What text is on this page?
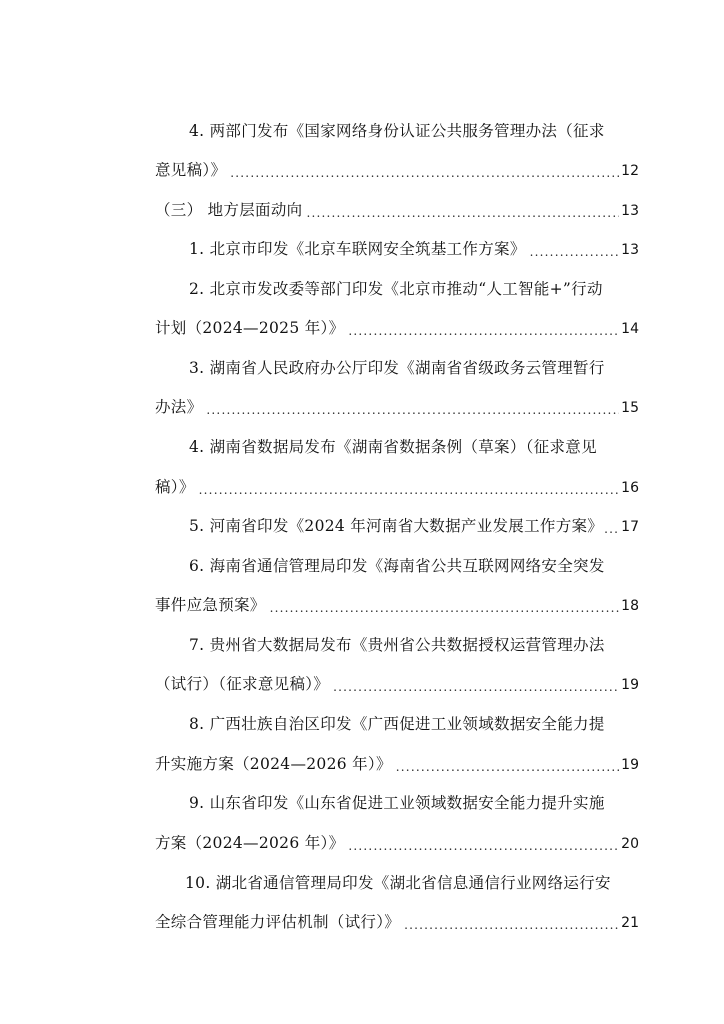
4. 两部门发布《国家网络身份认证公共服务管理办法（征求
意见稿）》 .....	12
（三） 地方层面动向 .....	13
1. 北京市印发《北京车联网安全筑基工作方案》 .....	13
2. 北京市发改委等部门印发《北京市推动“人工智能+”行动
计划（2024—2025 年）》 .....	14
3. 湖南省人民政府办公厅印发《湖南省省级政务云管理暂行
办法》 .....	15
4. 湖南省数据局发布《湖南省数据条例（草案）（征求意见
稿）》 .....	16
5. 河南省印发《2024 年河南省大数据产业发展工作方案》 ..... 17
6. 海南省通信管理局印发《海南省公共互联网网络安全突发
事件应急预案》 .....	18
7. 贵州省大数据局发布《贵州省公共数据授权运营管理办法
（试行）（征求意见稿）》 .....	19
8. 广西壮族自治区印发《广西促进工业领域数据安全能力提
升实施方案（2024—2026 年）》 .....	19
9. 山东省印发《山东省促进工业领域数据安全能力提升实施
方案（2024—2026 年）》 .....	20
10. 湖北省通信管理局印发《湖北省信息通信行业网络运行安
全综合管理能力评估机制（试行）》 .....	21
